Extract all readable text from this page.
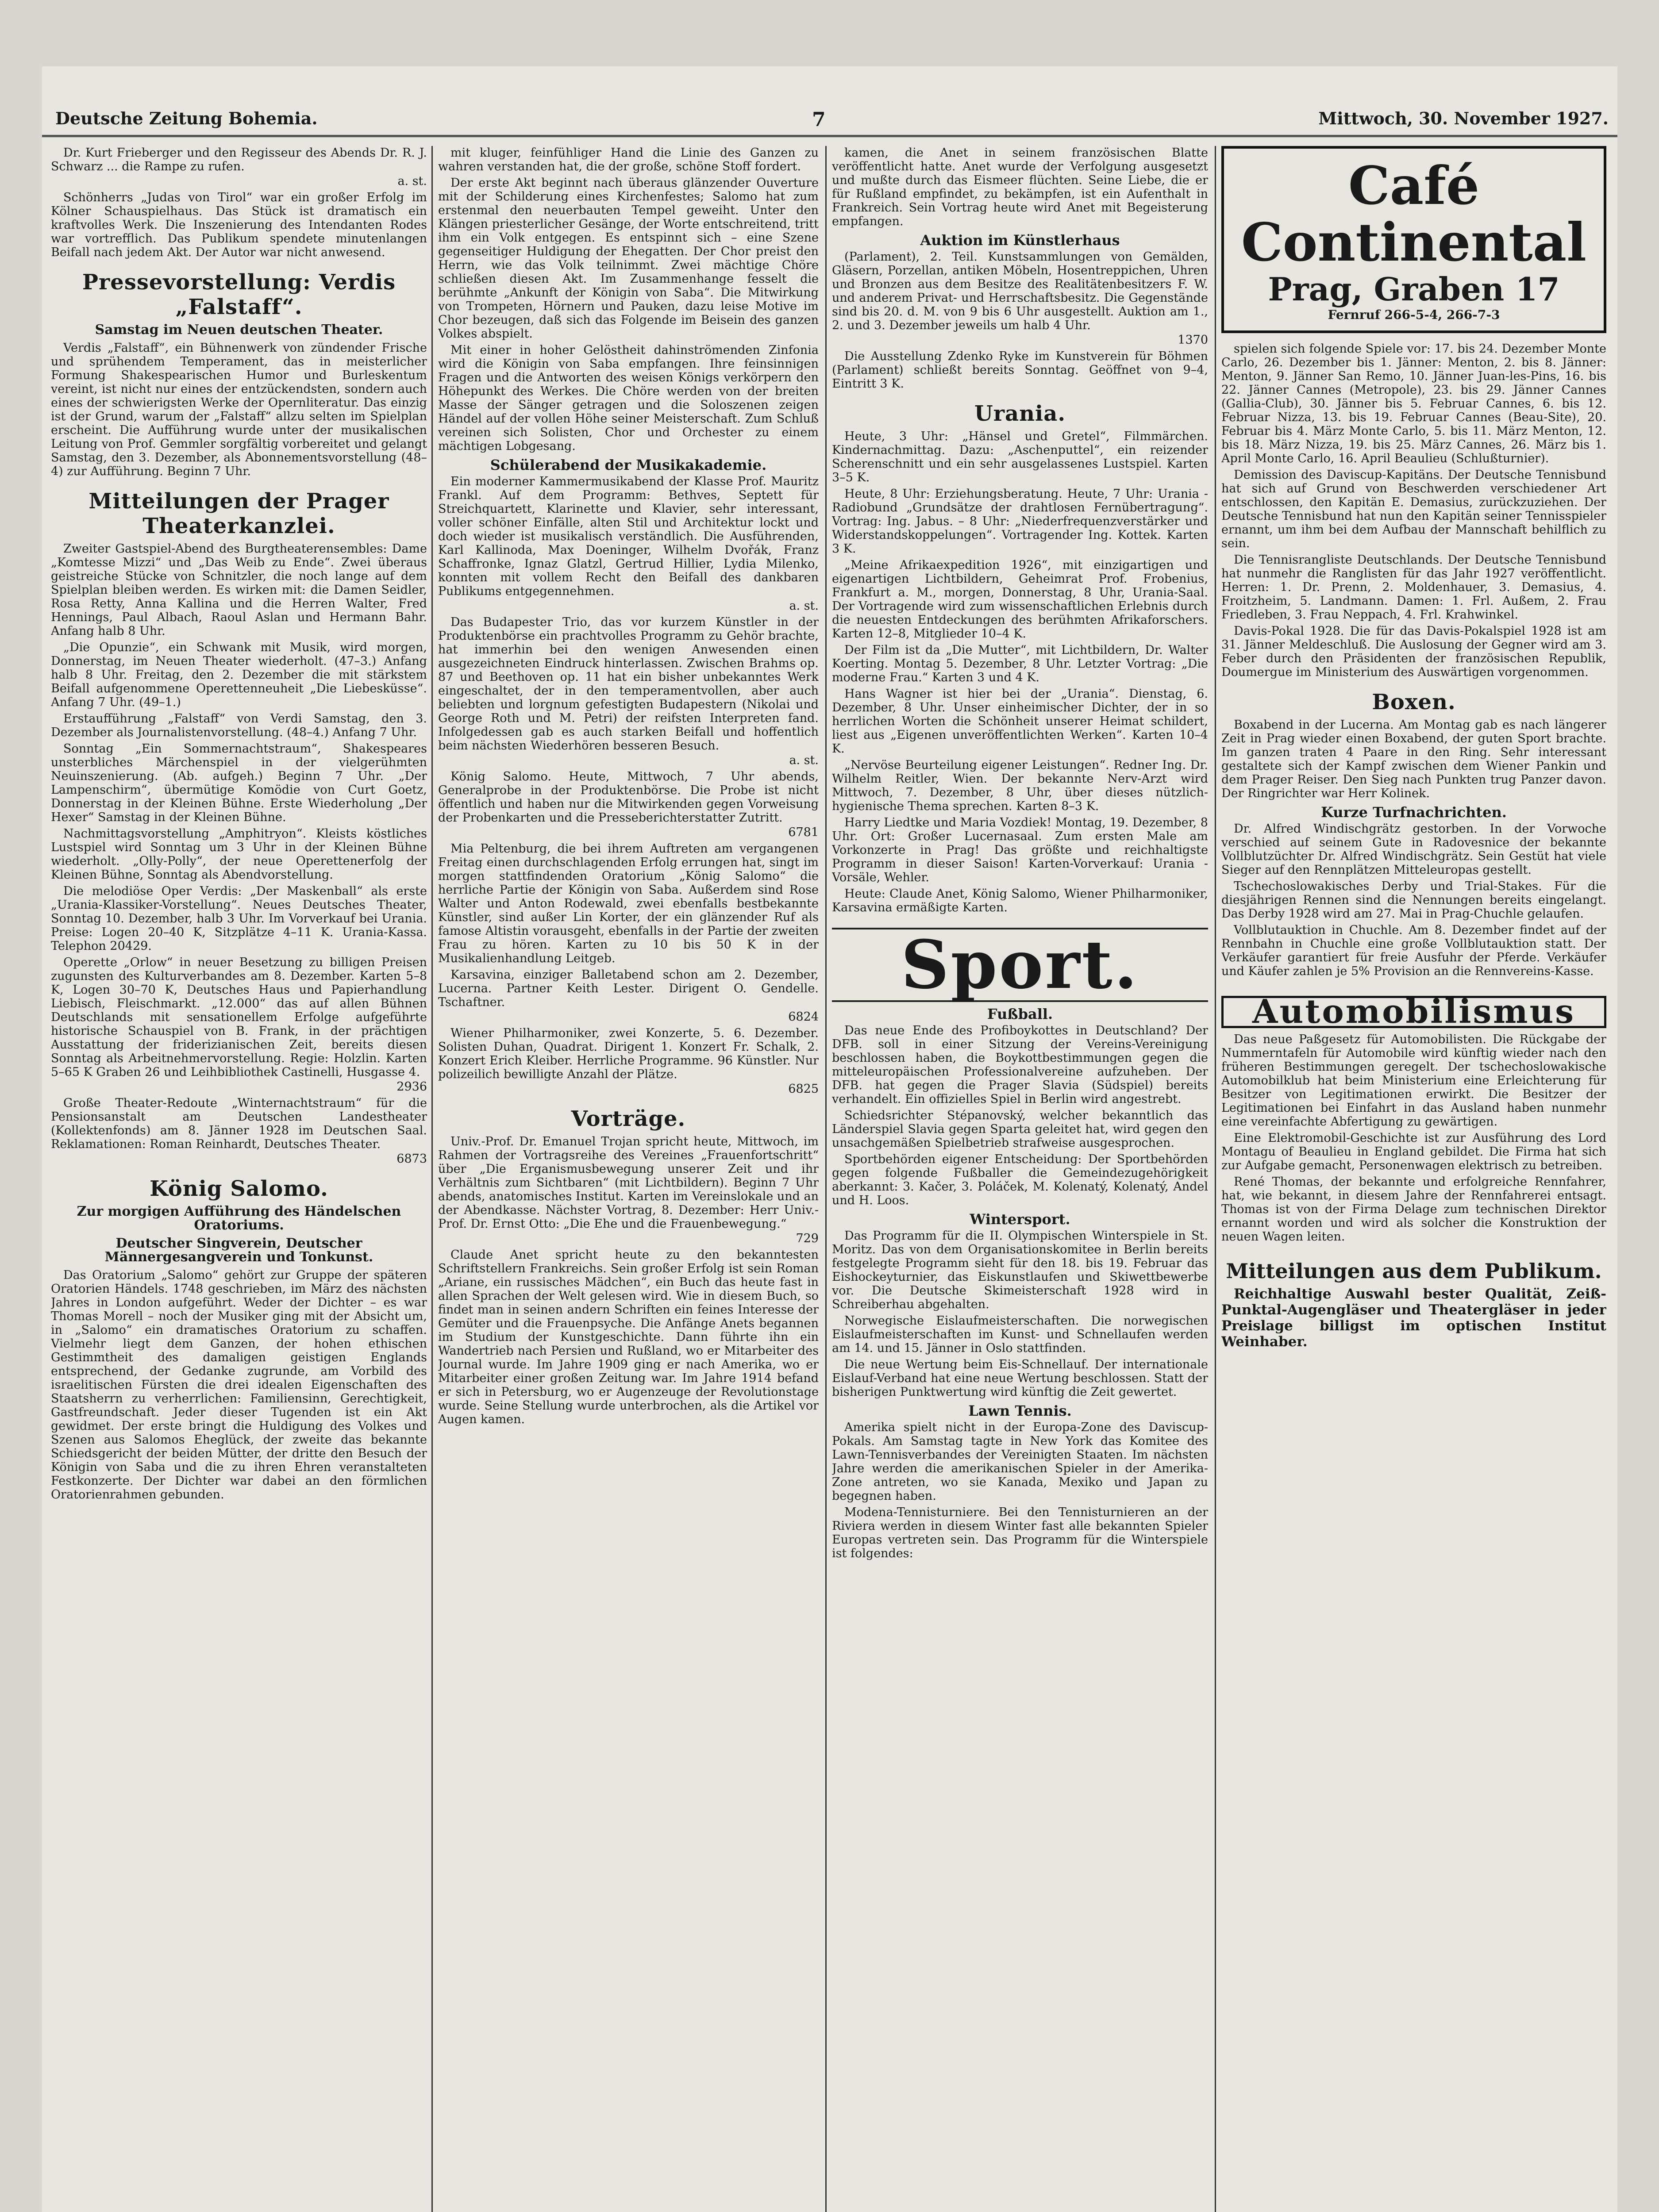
Deutsche Zeitung Bohemia.	7	Mittwoch, 30. November 1927.

Dr. Kurt Frieberger und den Regisseur des Abends Dr. R. J. Schwarz ... die Rampe zu rufen.

a. st.

Schönherrs „Judas von Tirol“ war ein großer Erfolg im Kölner Schauspielhaus. Das Stück ist dramatisch ein kraftvolles Werk. Die Inszenierung des Intendanten Rodes war vortrefflich. Das Publikum spendete minutenlangen Beifall nach jedem Akt. Der Autor war nicht anwesend.

Pressevorstellung: Verdis „Falstaff“.
Samstag im Neuen deutschen Theater.

Verdis „Falstaff“, ein Bühnenwerk von zündender Frische und sprühendem Temperament, das in meisterlicher Formung Shakespearischen Humor und Burleskentum vereint, ist nicht nur eines der entzückendsten, sondern auch eines der schwierigsten Werke der Opernliteratur. Das einzig ist der Grund, warum der „Falstaff“ allzu selten im Spielplan erscheint. Die Aufführung wurde unter der musikalischen Leitung von Prof. Gemmler sorgfältig vorbereitet und gelangt Samstag, den 3. Dezember, als Abonnementsvorstellung (48–4) zur Aufführung. Beginn 7 Uhr.

Mitteilungen der Prager Theaterkanzlei.

Zweiter Gastspiel-Abend des Burgtheaterensembles: Dame „Komtesse Mizzi“ und „Das Weib zu Ende“. Zwei überaus geistreiche Stücke von Schnitzler, die noch lange auf dem Spielplan bleiben werden. Es wirken mit: die Damen Seidler, Rosa Retty, Anna Kallina und die Herren Walter, Fred Hennings, Paul Albach, Raoul Aslan und Hermann Bahr. Anfang halb 8 Uhr.

„Die Opunzie“, ein Schwank mit Musik, wird morgen, Donnerstag, im Neuen Theater wiederholt. (47–3.) Anfang halb 8 Uhr. Freitag, den 2. Dezember die mit stärkstem Beifall aufgenommene Operettenneuheit „Die Liebesküsse“. Anfang 7 Uhr. (49–1.)

Erstaufführung „Falstaff“ von Verdi Samstag, den 3. Dezember als Journalistenvorstellung. (48–4.) Anfang 7 Uhr.

Sonntag „Ein Sommernachtstraum“, Shakespeares unsterbliches Märchenspiel in der vielgerühmten Neuinszenierung. (Ab. aufgeh.) Beginn 7 Uhr. „Der Lampenschirm“, übermütige Komödie von Curt Goetz, Donnerstag in der Kleinen Bühne. Erste Wiederholung „Der Hexer“ Samstag in der Kleinen Bühne.

Nachmittagsvorstellung „Amphitryon“. Kleists köstliches Lustspiel wird Sonntag um 3 Uhr in der Kleinen Bühne wiederholt. „Olly-Polly“, der neue Operettenerfolg der Kleinen Bühne, Sonntag als Abendvorstellung.

Die melodiöse Oper Verdis: „Der Maskenball“ als erste „Urania-Klassiker-Vorstellung“. Neues Deutsches Theater, Sonntag 10. Dezember, halb 3 Uhr. Im Vorverkauf bei Urania. Preise: Logen 20–40 K, Sitzplätze 4–11 K. Urania-Kassa. Telephon 20429.

Operette „Orlow“ in neuer Besetzung zu billigen Preisen zugunsten des Kulturverbandes am 8. Dezember. Karten 5–8 K, Logen 30–70 K, Deutsches Haus und Papierhandlung Liebisch, Fleischmarkt. „12.000“ das auf allen Bühnen Deutschlands mit sensationellem Erfolge aufgeführte historische Schauspiel von B. Frank, in der prächtigen Ausstattung der friderizianischen Zeit, bereits diesen Sonntag als Arbeitnehmervorstellung. Regie: Holzlin. Karten 5–65 K Graben 26 und Leihbibliothek Castinelli, Husgasse 4.

2936

Große Theater-Redoute „Winternachtstraum“ für die Pensionsanstalt am Deutschen Landestheater (Kollektenfonds) am 8. Jänner 1928 im Deutschen Saal. Reklamationen: Roman Reinhardt, Deutsches Theater.

6873

König Salomo.
Zur morgigen Aufführung des Händelschen Oratoriums.
Deutscher Singverein, Deutscher Männergesangverein und Tonkunst.

Das Oratorium „Salomo“ gehört zur Gruppe der späteren Oratorien Händels. 1748 geschrieben, im März des nächsten Jahres in London aufgeführt. Weder der Dichter – es war Thomas Morell – noch der Musiker ging mit der Absicht um, in „Salomo“ ein dramatisches Oratorium zu schaffen. Vielmehr liegt dem Ganzen, der hohen ethischen Gestimmtheit des damaligen geistigen Englands entsprechend, der Gedanke zugrunde, am Vorbild des israelitischen Fürsten die drei idealen Eigenschaften des Staatsherrn zu verherrlichen: Familiensinn, Gerechtigkeit, Gastfreundschaft. Jeder dieser Tugenden ist ein Akt gewidmet. Der erste bringt die Huldigung des Volkes und Szenen aus Salomos Eheglück, der zweite das bekannte Schiedsgericht der beiden Mütter, der dritte den Besuch der Königin von Saba und die zu ihren Ehren veranstalteten Festkonzerte. Der Dichter war dabei an den förmlichen Oratorienrahmen gebunden.

mit kluger, feinfühliger Hand die Linie des Ganzen zu wahren verstanden hat, die der große, schöne Stoff fordert.

Der erste Akt beginnt nach überaus glänzender Ouverture mit der Schilderung eines Kirchenfestes; Salomo hat zum erstenmal den neuerbauten Tempel geweiht. Unter den Klängen priesterlicher Gesänge, der Worte entschreitend, tritt ihm ein Volk entgegen. Es entspinnt sich – eine Szene gegenseitiger Huldigung der Ehegatten. Der Chor preist den Herrn, wie das Volk teilnimmt. Zwei mächtige Chöre schließen diesen Akt. Im Zusammenhange fesselt die berühmte „Ankunft der Königin von Saba“. Die Mitwirkung von Trompeten, Hörnern und Pauken, dazu leise Motive im Chor bezeugen, daß sich das Folgende im Beisein des ganzen Volkes abspielt.

Mit einer in hoher Gelöstheit dahinströmenden Zinfonia wird die Königin von Saba empfangen. Ihre feinsinnigen Fragen und die Antworten des weisen Königs verkörpern den Höhepunkt des Werkes. Die Chöre werden von der breiten Masse der Sänger getragen und die Soloszenen zeigen Händel auf der vollen Höhe seiner Meisterschaft. Zum Schluß vereinen sich Solisten, Chor und Orchester zu einem mächtigen Lobgesang.

Schülerabend der Musikakademie.

Ein moderner Kammermusikabend der Klasse Prof. Mauritz Frankl. Auf dem Programm: Bethves, Septett für Streichquartett, Klarinette und Klavier, sehr interessant, voller schöner Einfälle, alten Stil und Architektur lockt und doch wieder ist musikalisch verständlich. Die Ausführenden, Karl Kallinoda, Max Doeninger, Wilhelm Dvořák, Franz Schaffronke, Ignaz Glatzl, Gertrud Hillier, Lydia Milenko, konnten mit vollem Recht den Beifall des dankbaren Publikums entgegennehmen.

a. st.

Das Budapester Trio, das vor kurzem Künstler in der Produktenbörse ein prachtvolles Programm zu Gehör brachte, hat immerhin bei den wenigen Anwesenden einen ausgezeichneten Eindruck hinterlassen. Zwischen Brahms op. 87 und Beethoven op. 11 hat ein bisher unbekanntes Werk eingeschaltet, der in den temperamentvollen, aber auch beliebten und lorgnum gefestigten Budapestern (Nikolai und George Roth und M. Petri) der reifsten Interpreten fand. Infolgedessen gab es auch starken Beifall und hoffentlich beim nächsten Wiederhören besseren Besuch.

a. st.

König Salomo. Heute, Mittwoch, 7 Uhr abends, Generalprobe in der Produktenbörse. Die Probe ist nicht öffentlich und haben nur die Mitwirkenden gegen Vorweisung der Probenkarten und die Presseberichterstatter Zutritt.

6781

Mia Peltenburg, die bei ihrem Auftreten am vergangenen Freitag einen durchschlagenden Erfolg errungen hat, singt im morgen stattfindenden Oratorium „König Salomo“ die herrliche Partie der Königin von Saba. Außerdem sind Rose Walter und Anton Rodewald, zwei ebenfalls bestbekannte Künstler, sind außer Lin Korter, der ein glänzender Ruf als famose Altistin vorausgeht, ebenfalls in der Partie der zweiten Frau zu hören. Karten zu 10 bis 50 K in der Musikalienhandlung Leitgeb.

Karsavina, einziger Balletabend schon am 2. Dezember, Lucerna. Partner Keith Lester. Dirigent O. Gendelle. Tschaftner.

6824

Wiener Philharmoniker, zwei Konzerte, 5. 6. Dezember. Solisten Duhan, Quadrat. Dirigent 1. Konzert Fr. Schalk, 2. Konzert Erich Kleiber. Herrliche Programme. 96 Künstler. Nur polizeilich bewilligte Anzahl der Plätze.

6825

Vorträge.

Univ.-Prof. Dr. Emanuel Trojan spricht heute, Mittwoch, im Rahmen der Vortragsreihe des Vereines „Frauenfortschritt“ über „Die Erganismusbewegung unserer Zeit und ihr Verhältnis zum Sichtbaren“ (mit Lichtbildern). Beginn 7 Uhr abends, anatomisches Institut. Karten im Vereinslokale und an der Abendkasse. Nächster Vortrag, 8. Dezember: Herr Univ.-Prof. Dr. Ernst Otto: „Die Ehe und die Frauenbewegung.“

729

Claude Anet spricht heute zu den bekanntesten Schriftstellern Frankreichs. Sein großer Erfolg ist sein Roman „Ariane, ein russisches Mädchen“, ein Buch das heute fast in allen Sprachen der Welt gelesen wird. Wie in diesem Buch, so findet man in seinen andern Schriften ein feines Interesse der Gemüter und die Frauenpsyche. Die Anfänge Anets begannen im Studium der Kunstgeschichte. Dann führte ihn ein Wandertrieb nach Persien und Rußland, wo er Mitarbeiter des Journal wurde. Im Jahre 1909 ging er nach Amerika, wo er Mitarbeiter einer großen Zeitung war. Im Jahre 1914 befand er sich in Petersburg, wo er Augenzeuge der Revolutionstage wurde. Seine Stellung wurde unterbrochen, als die Artikel vor Augen kamen.

kamen, die Anet in seinem französischen Blatte veröffentlicht hatte. Anet wurde der Verfolgung ausgesetzt und mußte durch das Eismeer flüchten. Seine Liebe, die er für Rußland empfindet, zu bekämpfen, ist ein Aufenthalt in Frankreich. Sein Vortrag heute wird Anet mit Begeisterung empfangen.

Auktion im Künstlerhaus

(Parlament), 2. Teil. Kunstsammlungen von Gemälden, Gläsern, Porzellan, antiken Möbeln, Hosentreppichen, Uhren und Bronzen aus dem Besitze des Realitätenbesitzers F. W. und anderem Privat- und Herrschaftsbesitz. Die Gegenstände sind bis 20. d. M. von 9 bis 6 Uhr ausgestellt. Auktion am 1., 2. und 3. Dezember jeweils um halb 4 Uhr.

1370

Die Ausstellung Zdenko Ryke im Kunstverein für Böhmen (Parlament) schließt bereits Sonntag. Geöffnet von 9–4, Eintritt 3 K.

Urania.

Heute, 3 Uhr: „Hänsel und Gretel“, Filmmärchen. Kindernachmittag. Dazu: „Aschenputtel“, ein reizender Scherenschnitt und ein sehr ausgelassenes Lustspiel. Karten 3–5 K.

Heute, 8 Uhr: Erziehungsberatung. Heute, 7 Uhr: Urania - Radiobund „Grundsätze der drahtlosen Fernübertragung“. Vortrag: Ing. Jabus. – 8 Uhr: „Niederfrequenzverstärker und Widerstandskoppelungen“. Vortragender Ing. Kottek. Karten 3 K.

„Meine Afrikaexpedition 1926“, mit einzigartigen und eigenartigen Lichtbildern, Geheimrat Prof. Frobenius, Frankfurt a. M., morgen, Donnerstag, 8 Uhr, Urania-Saal. Der Vortragende wird zum wissenschaftlichen Erlebnis durch die neuesten Entdeckungen des berühmten Afrikaforschers. Karten 12–8, Mitglieder 10–4 K.

Der Film ist da „Die Mutter“, mit Lichtbildern, Dr. Walter Koerting. Montag 5. Dezember, 8 Uhr. Letzter Vortrag: „Die moderne Frau.“ Karten 3 und 4 K.

Hans Wagner ist hier bei der „Urania“. Dienstag, 6. Dezember, 8 Uhr. Unser einheimischer Dichter, der in so herrlichen Worten die Schönheit unserer Heimat schildert, liest aus „Eigenen unveröffentlichten Werken“. Karten 10–4 K.

„Nervöse Beurteilung eigener Leistungen“. Redner Ing. Dr. Wilhelm Reitler, Wien. Der bekannte Nerv-Arzt wird Mittwoch, 7. Dezember, 8 Uhr, über dieses nützlich-hygienische Thema sprechen. Karten 8–3 K.

Harry Liedtke und Maria Vozdiek! Montag, 19. Dezember, 8 Uhr. Ort: Großer Lucernasaal. Zum ersten Male am Vorkonzerte in Prag! Das größte und reichhaltigste Programm in dieser Saison! Karten-Vorverkauf: Urania - Vorsäle, Wehler.

Heute: Claude Anet, König Salomo, Wiener Philharmoniker, Karsavina ermäßigte Karten.

Sport.
Fußball.

Das neue Ende des Profiboykottes in Deutschland? Der DFB. soll in einer Sitzung der Vereins-Vereinigung beschlossen haben, die Boykottbestimmungen gegen die mitteleuropäischen Professionalvereine aufzuheben. Der DFB. hat gegen die Prager Slavia (Südspiel) bereits verhandelt. Ein offizielles Spiel in Berlin wird angestrebt.

Schiedsrichter Stépanovský, welcher bekanntlich das Länderspiel Slavia gegen Sparta geleitet hat, wird gegen den unsachgemäßen Spielbetrieb strafweise ausgesprochen.

Sportbehörden eigener Entscheidung: Der Sportbehörden gegen folgende Fußballer die Gemeindezugehörigkeit aberkannt: 3. Kačer, 3. Poláček, M. Kolenatý, Kolenatý, Andel und H. Loos.

Wintersport.

Das Programm für die II. Olympischen Winterspiele in St. Moritz. Das von dem Organisationskomitee in Berlin bereits festgelegte Programm sieht für den 18. bis 19. Februar das Eishockeyturnier, das Eiskunstlaufen und Skiwettbewerbe vor. Die Deutsche Skimeisterschaft 1928 wird in Schreiberhau abgehalten.

Norwegische Eislaufmeisterschaften. Die norwegischen Eislaufmeisterschaften im Kunst- und Schnellaufen werden am 14. und 15. Jänner in Oslo stattfinden.

Die neue Wertung beim Eis-Schnellauf. Der internationale Eislauf-Verband hat eine neue Wertung beschlossen. Statt der bisherigen Punktwertung wird künftig die Zeit gewertet.

Lawn Tennis.

Amerika spielt nicht in der Europa-Zone des Daviscup-Pokals. Am Samstag tagte in New York das Komitee des Lawn-Tennisverbandes der Vereinigten Staaten. Im nächsten Jahre werden die amerikanischen Spieler in der Amerika-Zone antreten, wo sie Kanada, Mexiko und Japan zu begegnen haben.

Modena-Tennisturniere. Bei den Tennisturnieren an der Riviera werden in diesem Winter fast alle bekannten Spieler Europas vertreten sein. Das Programm für die Winterspiele ist folgendes:

Café Continental
Prag, Graben 17
Fernruf 266-5-4, 266-7-3

spielen sich folgende Spiele vor: 17. bis 24. Dezember Monte Carlo, 26. Dezember bis 1. Jänner: Menton, 2. bis 8. Jänner: Menton, 9. Jänner San Remo, 10. Jänner Juan-les-Pins, 16. bis 22. Jänner Cannes (Metropole), 23. bis 29. Jänner Cannes (Gallia-Club), 30. Jänner bis 5. Februar Cannes, 6. bis 12. Februar Nizza, 13. bis 19. Februar Cannes (Beau-Site), 20. Februar bis 4. März Monte Carlo, 5. bis 11. März Menton, 12. bis 18. März Nizza, 19. bis 25. März Cannes, 26. März bis 1. April Monte Carlo, 16. April Beaulieu (Schlußturnier).

Demission des Daviscup-Kapitäns. Der Deutsche Tennisbund hat sich auf Grund von Beschwerden verschiedener Art entschlossen, den Kapitän E. Demasius, zurückzuziehen. Der Deutsche Tennisbund hat nun den Kapitän seiner Tennisspieler ernannt, um ihm bei dem Aufbau der Mannschaft behilflich zu sein.

Die Tennisrangliste Deutschlands. Der Deutsche Tennisbund hat nunmehr die Ranglisten für das Jahr 1927 veröffentlicht. Herren: 1. Dr. Prenn, 2. Moldenhauer, 3. Demasius, 4. Froitzheim, 5. Landmann. Damen: 1. Frl. Außem, 2. Frau Friedleben, 3. Frau Neppach, 4. Frl. Krahwinkel.

Davis-Pokal 1928. Die für das Davis-Pokalspiel 1928 ist am 31. Jänner Meldeschluß. Die Auslosung der Gegner wird am 3. Feber durch den Präsidenten der französischen Republik, Doumergue im Ministerium des Auswärtigen vorgenommen.

Boxen.

Boxabend in der Lucerna. Am Montag gab es nach längerer Zeit in Prag wieder einen Boxabend, der guten Sport brachte. Im ganzen traten 4 Paare in den Ring. Sehr interessant gestaltete sich der Kampf zwischen dem Wiener Pankin und dem Prager Reiser. Den Sieg nach Punkten trug Panzer davon. Der Ringrichter war Herr Kolinek.

Kurze Turfnachrichten.

Dr. Alfred Windischgrätz gestorben. In der Vorwoche verschied auf seinem Gute in Radovesnice der bekannte Vollblutzüchter Dr. Alfred Windischgrätz. Sein Gestüt hat viele Sieger auf den Rennplätzen Mitteleuropas gestellt.

Tschechoslowakisches Derby und Trial-Stakes. Für die diesjährigen Rennen sind die Nennungen bereits eingelangt. Das Derby 1928 wird am 27. Mai in Prag-Chuchle gelaufen.

Vollblutauktion in Chuchle. Am 8. Dezember findet auf der Rennbahn in Chuchle eine große Vollblutauktion statt. Der Verkäufer garantiert für freie Ausfuhr der Pferde. Verkäufer und Käufer zahlen je 5% Provision an die Rennvereins-Kasse.

Automobilismus

Das neue Paßgesetz für Automobilisten. Die Rückgabe der Nummerntafeln für Automobile wird künftig wieder nach den früheren Bestimmungen geregelt. Der tschechoslowakische Automobilklub hat beim Ministerium eine Erleichterung für Besitzer von Legitimationen erwirkt. Die Besitzer der Legitimationen bei Einfahrt in das Ausland haben nunmehr eine vereinfachte Abfertigung zu gewärtigen.

Eine Elektromobil-Geschichte ist zur Ausführung des Lord Montagu of Beaulieu in England gebildet. Die Firma hat sich zur Aufgabe gemacht, Personenwagen elektrisch zu betreiben.

René Thomas, der bekannte und erfolgreiche Rennfahrer, hat, wie bekannt, in diesem Jahre der Rennfahrerei entsagt. Thomas ist von der Firma Delage zum technischen Direktor ernannt worden und wird als solcher die Konstruktion der neuen Wagen leiten.

Mitteilungen aus dem Publikum.

Reichhaltige Auswahl bester Qualität, Zeiß-Punktal-Augengläser und Theatergläser in jeder Preislage billigst im optischen Institut Weinhaber.
